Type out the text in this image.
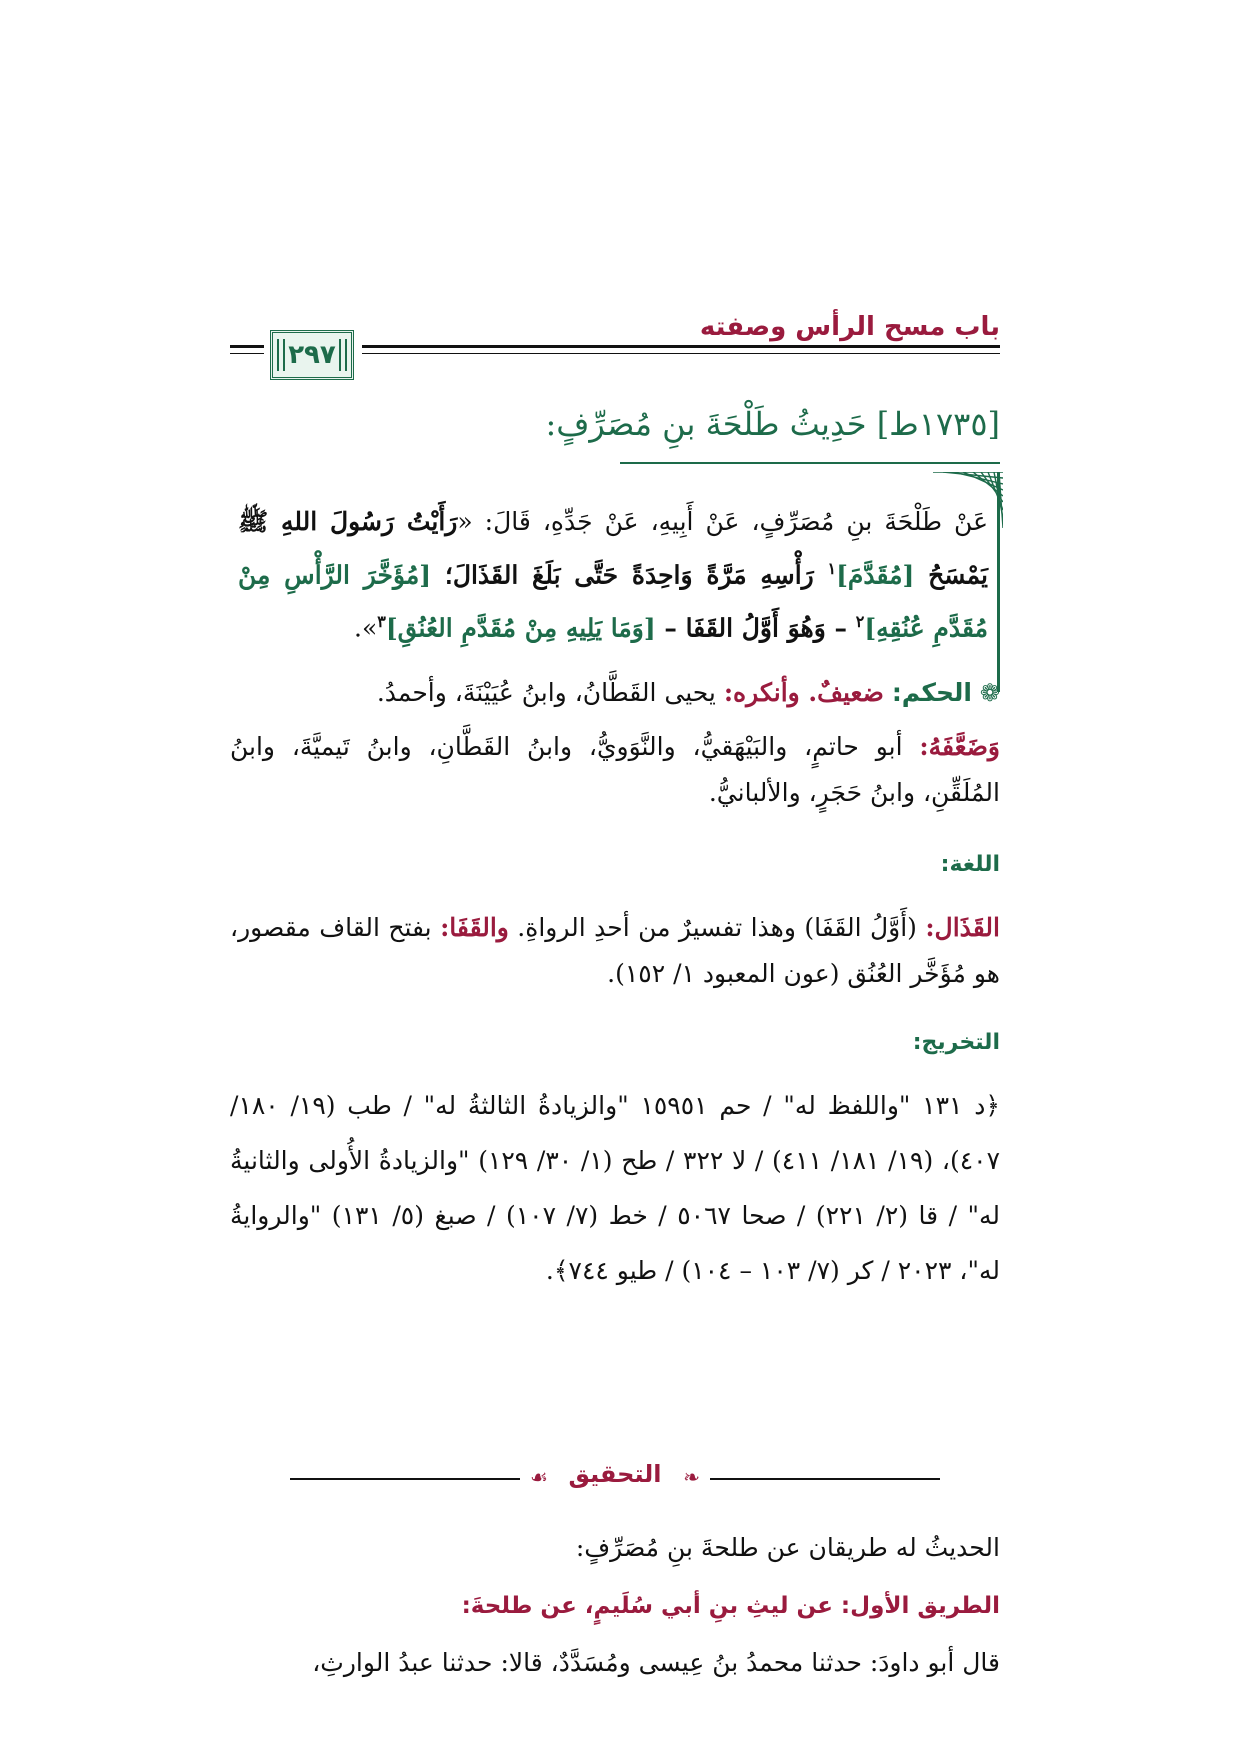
باب مسح الرأس وصفته
٢٩٧
[١٧٣٥ط] حَدِيثُ طَلْحَةَ بنِ مُصَرِّفٍ:
عَنْ طَلْحَةَ بنِ مُصَرِّفٍ، عَنْ أَبِيهِ، عَنْ جَدِّهِ، قَالَ: «رَأَيْتُ رَسُولَ اللهِ ﷺ يَمْسَحُ [مُقَدَّمَ]$^١$ رَأْسِهِ مَرَّةً وَاحِدَةً حَتَّى بَلَغَ القَذَالَ؛ [مُؤَخَّرَ الرَّأْسِ مِنْ مُقَدَّمِ عُنُقِهِ]$^٢$ – وَهُوَ أَوَّلُ القَفَا – [وَمَا يَلِيهِ مِنْ مُقَدَّمِ العُنُقِ]$^٣$».
❁ الحكم: ضعيفٌ. وأنكره: يحيى القَطَّانُ، وابنُ عُيَيْنَةَ، وأحمدُ.
وَضَعَّفَهُ: أبو حاتمٍ، والبَيْهَقيُّ، والنَّوَويُّ، وابنُ القَطَّانِ، وابنُ تَيميَّةَ، وابنُ المُلَقِّنِ، وابنُ حَجَرٍ، والألبانيُّ.
اللغة:
القَذَال: (أَوَّلُ القَفَا) وهذا تفسيرٌ من أحدِ الرواةِ. والقَفَا: بفتح القاف مقصور، هو مُؤَخَّر العُنُق (عون المعبود ١/ ١٥٢).
التخريج:
﴿د ١٣١ "واللفظ له" / حم ١٥٩٥١ "والزيادةُ الثالثةُ له" / طب (١٩/ ١٨٠/ ٤٠٧)، (١٩/ ١٨١/ ٤١١) / لا ٣٢٢ / طح (١/ ٣٠/ ١٢٩) "والزيادةُ الأُولى والثانيةُ له" / قا (٢/ ٢٢١) / صحا ٥٠٦٧ / خط (٧/ ١٠٧) / صبغ (٥/ ١٣١) "والروايةُ له"، ٢٠٢٣ / كر (٧/ ١٠٣ – ١٠٤) / طيو ٧٤٤﴾.
❧
☙ التحقيق
الحديثُ له طريقان عن طلحةَ بنِ مُصَرِّفٍ:
الطريق الأول: عن ليثِ بنِ أبي سُلَيمٍ، عن طلحةَ:
قال أبو داودَ: حدثنا محمدُ بنُ عِيسى ومُسَدَّدٌ، قالا: حدثنا عبدُ الوارثِ،
